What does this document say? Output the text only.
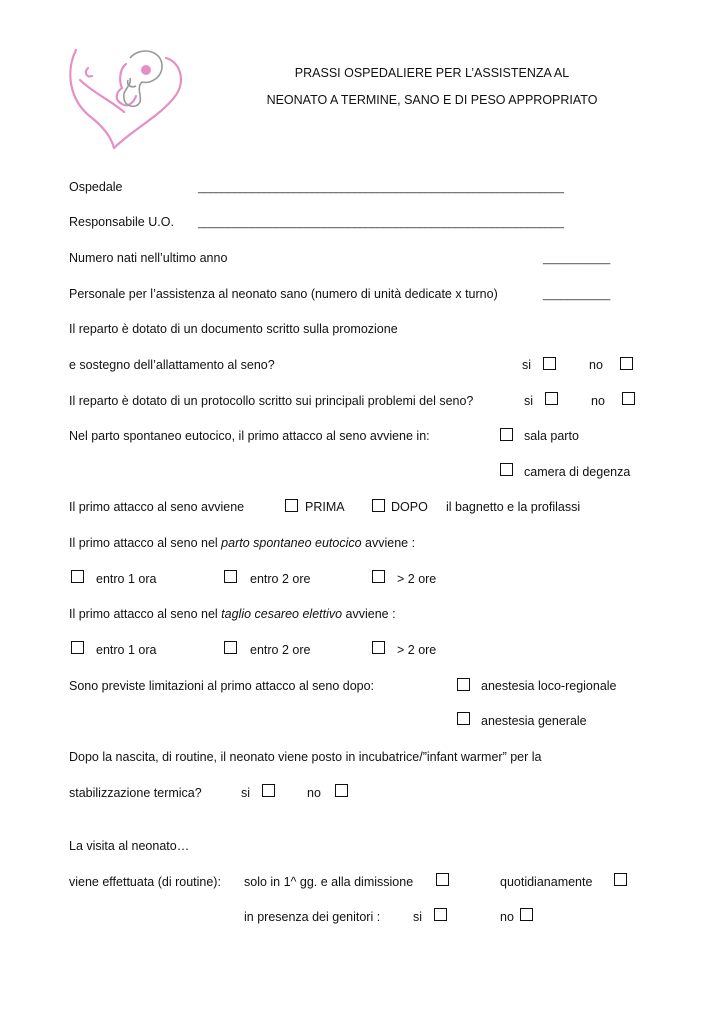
PRASSI OSPEDALIERE PER L’ASSISTENZA AL
NEONATO A TERMINE, SANO E DI PESO APPROPRIATO
Ospedale	_____________________________________________________________
Responsabile U.O. _____________________________________________________________
Numero nati nell’ultimo anno	___________
Personale per l’assistenza al neonato sano (numero di unità dedicate x turno)	___________
Il reparto è dotato di un documento scritto sulla promozione
e sostegno dell’allattamento al seno?	si	no
Il reparto è dotato di un protocollo scritto sui principali problemi del seno?	si	no
Nel parto spontaneo eutocico, il primo attacco al seno avviene in:	sala parto
camera di degenza
Il primo attacco al seno avviene	PRIMA	DOPO il bagnetto e la profilassi
Il primo attacco al seno nel parto spontaneo eutocico avviene :
entro 1 ora	entro 2 ore	> 2 ore
Il primo attacco al seno nel taglio cesareo elettivo avviene :
entro 1 ora	entro 2 ore	> 2 ore
Sono previste limitazioni al primo attacco al seno dopo:	anestesia loco-regionale
anestesia generale
Dopo la nascita, di routine, il neonato viene posto in incubatrice/”infant warmer” per la
stabilizzazione termica?	si	no
La visita al neonato…
viene effettuata (di routine): solo in 1^ gg. e alla dimissione	quotidianamente
in presenza dei genitori :	si	no
